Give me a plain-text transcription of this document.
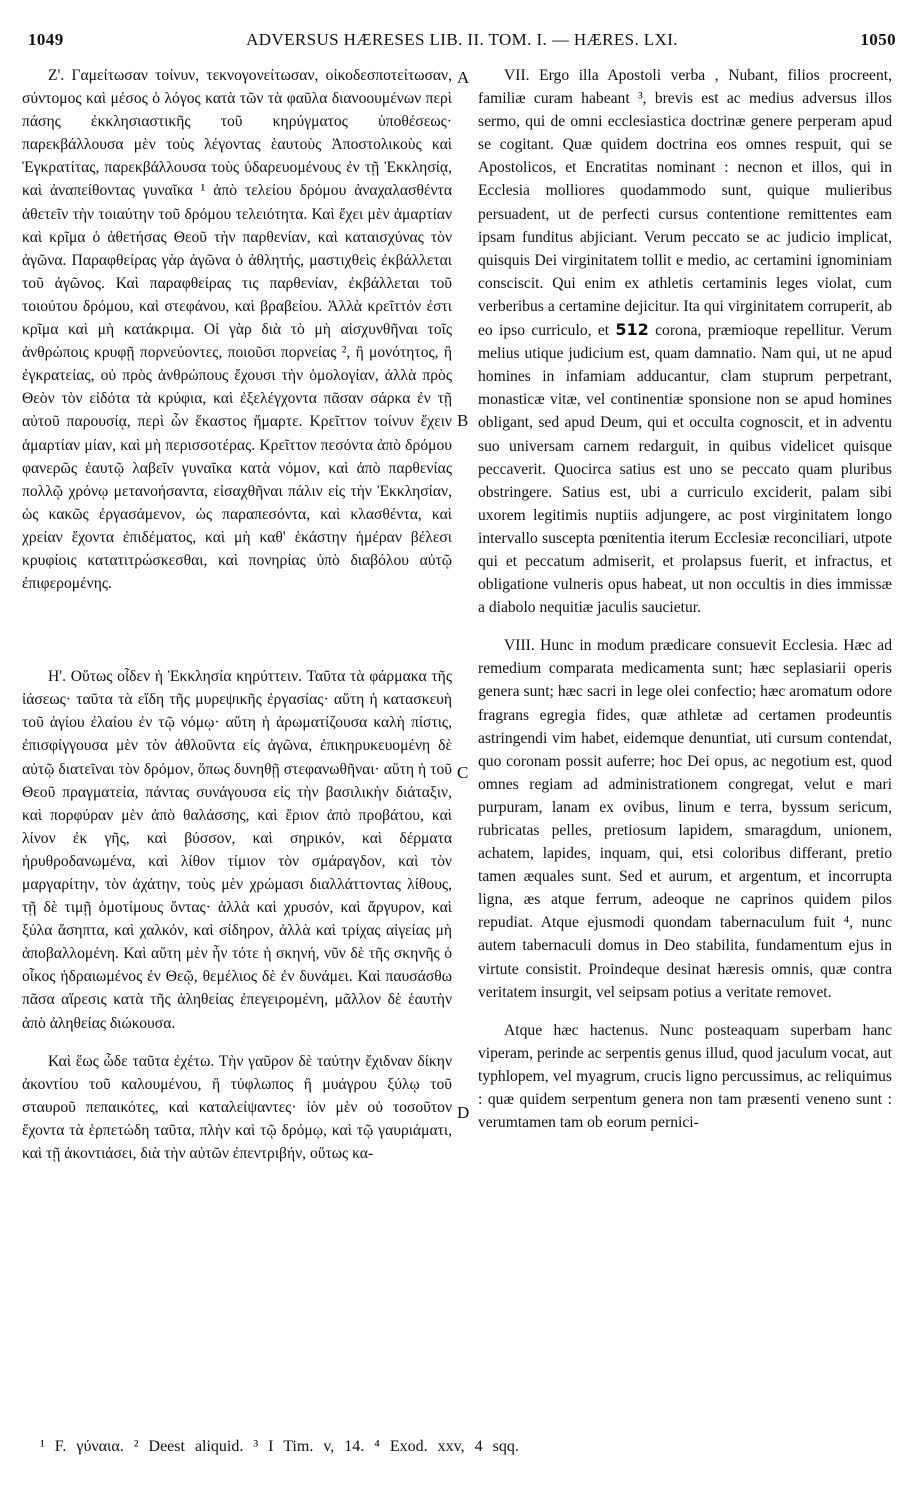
1049	ADVERSUS HÆRESES LIB. II. TOM. I. — HÆRES. LXI.	1050

Ζ'. Γαμείτωσαν τοίνυν, τεκνογονείτωσαν, οἰκοδεσποτείτωσαν, σύντομος καὶ μέσος ὁ λόγος κατὰ τῶν τὰ φαῦλα διανοουμένων περὶ πάσης ἐκκλησιαστικῆς τοῦ κηρύγματος ὑποθέσεως· παρεκβάλλουσα μὲν τοὺς λέγοντας ἑαυτοὺς Ἀποστολικοὺς καὶ Ἐγκρατίτας, παρεκβάλλουσα τοὺς ὑδαρευομένους ἐν τῇ Ἐκκλησίᾳ, καὶ ἀναπείθοντας γυναῖκα ¹ ἀπὸ τελείου δρόμου ἀναχαλασθέντα ἀθετεῖν τὴν τοιαύτην τοῦ δρόμου τελειότητα. Καὶ ἔχει μὲν ἁμαρτίαν καὶ κρῖμα ὁ ἀθετήσας Θεοῦ τὴν παρθενίαν, καὶ καταισχύνας τὸν ἀγῶνα. Παραφθείρας γὰρ ἀγῶνα ὁ ἀθλητής, μαστιχθεὶς ἐκβάλλεται τοῦ ἀγῶνος. Καὶ παραφθείρας τις παρθενίαν, ἐκβάλλεται τοῦ τοιούτου δρόμου, καὶ στεφάνου, καὶ βραβείου. Ἀλλὰ κρεῖττόν ἐστι κρῖμα καὶ μὴ κατάκριμα. Οἱ γὰρ διὰ τὸ μὴ αἰσχυνθῆναι τοῖς ἀνθρώποις κρυφῇ πορνεύοντες, ποιοῦσι πορνείας ², ἢ μονότητος, ἢ ἐγκρατείας, οὐ πρὸς ἀνθρώπους ἔχουσι τὴν ὁμολογίαν, ἀλλὰ πρὸς Θεὸν τὸν εἰδότα τὰ κρύφια, καὶ ἐξελέγχοντα πᾶσαν σάρκα ἐν τῇ αὐτοῦ παρουσίᾳ, περὶ ὧν ἕκαστος ἥμαρτε. Κρεῖττον τοίνυν ἔχειν ἁμαρτίαν μίαν, καὶ μὴ περισσοτέρας. Κρεῖττον πεσόντα ἀπὸ δρόμου φανερῶς ἑαυτῷ λαβεῖν γυναῖκα κατὰ νόμον, καὶ ἀπὸ παρθενίας πολλῷ χρόνῳ μετανοήσαντα, εἰσαχθῆναι πάλιν εἰς τὴν Ἐκκλησίαν, ὡς κακῶς ἐργασάμενον, ὡς παραπεσόντα, καὶ κλασθέντα, καὶ χρείαν ἔχοντα ἐπιδέματος, καὶ μὴ καθ' ἑκάστην ἡμέραν βέλεσι κρυφίοις κατατιτρώσκεσθαι, καὶ πονηρίας ὑπὸ διαβόλου αὐτῷ ἐπιφερομένης.

Η'. Οὕτως οἶδεν ἡ Ἐκκλησία κηρύττειν. Ταῦτα τὰ φάρμακα τῆς ἰάσεως· ταῦτα τὰ εἴδη τῆς μυρεψικῆς ἐργασίας· αὕτη ἡ κατασκευὴ τοῦ ἁγίου ἐλαίου ἐν τῷ νόμῳ· αὕτη ἡ ἀρωματίζουσα καλὴ πίστις, ἐπισφίγγουσα μὲν τὸν ἀθλοῦντα εἰς ἀγῶνα, ἐπικηρυκευομένη δὲ αὐτῷ διατεῖναι τὸν δρόμον, ὅπως δυνηθῇ στεφανωθῆναι· αὕτη ἡ τοῦ Θεοῦ πραγματεία, πάντας συνάγουσα εἰς τὴν βασιλικὴν διάταξιν, καὶ πορφύραν μὲν ἀπὸ θαλάσσης, καὶ ἔριον ἀπὸ προβάτου, καὶ λίνον ἐκ γῆς, καὶ βύσσον, καὶ σηρικόν, καὶ δέρματα ἠρυθροδανωμένα, καὶ λίθον τίμιον τὸν σμάραγδον, καὶ τὸν μαργαρίτην, τὸν ἀχάτην, τοὺς μὲν χρώμασι διαλλάττοντας λίθους, τῇ δὲ τιμῇ ὁμοτίμους ὄντας· ἀλλὰ καὶ χρυσόν, καὶ ἄργυρον, καὶ ξύλα ἄσηπτα, καὶ χαλκόν, καὶ σίδηρον, ἀλλὰ καὶ τρίχας αἰγείας μὴ ἀποβαλλομένη. Καὶ αὕτη μὲν ἦν τότε ἡ σκηνή, νῦν δὲ τῆς σκηνῆς ὁ οἶκος ἡδραιωμένος ἐν Θεῷ, θεμέλιος δὲ ἐν δυνάμει. Καὶ παυσάσθω πᾶσα αἵρεσις κατὰ τῆς ἀληθείας ἐπεγειρομένη, μᾶλλον δὲ ἑαυτὴν ἀπὸ ἀληθείας διώκουσα.

Καὶ ἕως ὧδε ταῦτα ἐχέτω. Τὴν γαῦρον δὲ ταύτην ἔχιδναν δίκην ἀκοντίου τοῦ καλουμένου, ἢ τύφλωπος ἢ μυάγρου ξύλῳ τοῦ σταυροῦ πεπαικότες, καὶ καταλείψαντες· ἰὸν μὲν οὐ τοσοῦτον ἔχοντα τὰ ἑρπετώδη ταῦτα, πλὴν καὶ τῷ δρόμῳ, καὶ τῷ γαυριάματι, καὶ τῇ ἀκοντιάσει, διὰ τὴν αὐτῶν ἐπεντριβήν, οὕτως κα-

A
B
C
D

VII. Ergo illa Apostoli verba , Nubant, filios procreent, familiæ curam habeant ³, brevis est ac medius adversus illos sermo, qui de omni ecclesiastica doctrinæ genere perperam apud se cogitant. Quæ quidem doctrina eos omnes respuit, qui se Apostolicos, et Encratitas nominant : necnon et illos, qui in Ecclesia molliores quodammodo sunt, quique mulieribus persuadent, ut de perfecti cursus contentione remittentes eam ipsam funditus abjiciant. Verum peccato se ac judicio implicat, quisquis Dei virginitatem tollit e medio, ac certamini ignominiam consciscit. Qui enim ex athletis certaminis leges violat, cum verberibus a certamine dejicitur. Ita qui virginitatem corruperit, ab eo ipso curriculo, et 512 corona, præmioque repellitur. Verum melius utique judicium est, quam damnatio. Nam qui, ut ne apud homines in infamiam adducantur, clam stuprum perpetrant, monasticæ vitæ, vel continentiæ sponsione non se apud homines obligant, sed apud Deum, qui et occulta cognoscit, et in adventu suo universam carnem redarguit, in quibus videlicet quisque peccaverit. Quocirca satius est uno se peccato quam pluribus obstringere. Satius est, ubi a curriculo exciderit, palam sibi uxorem legitimis nuptiis adjungere, ac post virginitatem longo intervallo suscepta pœnitentia iterum Ecclesiæ reconciliari, utpote qui et peccatum admiserit, et prolapsus fuerit, et infractus, et obligatione vulneris opus habeat, ut non occultis in dies immissæ a diabolo nequitiæ jaculis saucietur.

VIII. Hunc in modum prædicare consuevit Ecclesia. Hæc ad remedium comparata medicamenta sunt; hæc seplasiarii operis genera sunt; hæc sacri in lege olei confectio; hæc aromatum odore fragrans egregia fides, quæ athletæ ad certamen prodeuntis astringendi vim habet, eidemque denuntiat, uti cursum contendat, quo coronam possit auferre; hoc Dei opus, ac negotium est, quod omnes regiam ad administrationem congregat, velut e mari purpuram, lanam ex ovibus, linum e terra, byssum sericum, rubricatas pelles, pretiosum lapidem, smaragdum, unionem, achatem, lapides, inquam, qui, etsi coloribus differant, pretio tamen æquales sunt. Sed et aurum, et argentum, et incorrupta ligna, æs atque ferrum, adeoque ne caprinos quidem pilos repudiat. Atque ejusmodi quondam tabernaculum fuit ⁴, nunc autem tabernaculi domus in Deo stabilita, fundamentum ejus in virtute consistit. Proindeque desinat hæresis omnis, quæ contra veritatem insurgit, vel seipsam potius a veritate removet.

Atque hæc hactenus. Nunc posteaquam superbam hanc viperam, perinde ac serpentis genus illud, quod jaculum vocat, aut typhlopem, vel myagrum, crucis ligno percussimus, ac reliquimus : quæ quidem serpentum genera non tam præsenti veneno sunt : verumtamen tam ob eorum pernici-

¹ F. γύναια. ² Deest aliquid. ³ I Tim. v, 14. ⁴ Exod. xxv, 4 sqq.
